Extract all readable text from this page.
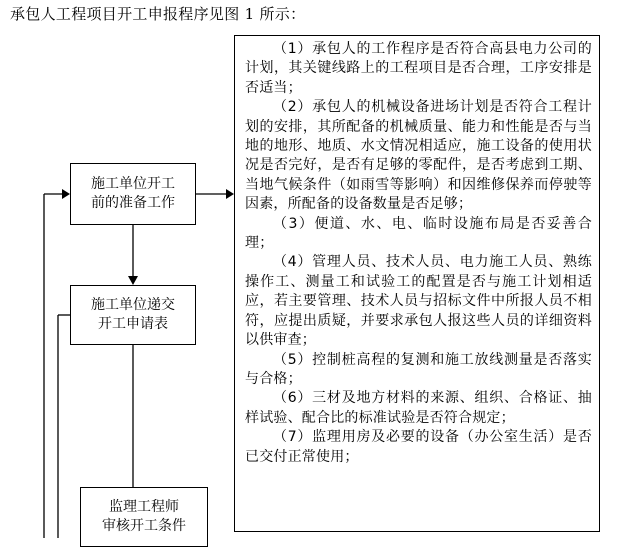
承包人工程项目开工申报程序见图 1 所示：
施工单位开工
前的准备工作
施工单位递交
开工申请表
监理工程师
审核开工条件

（1）承包人的工作程序是否符合高县电力公司的计划，其关键线路上的工程项目是否合理，工序安排是否适当；

（2）承包人的机械设备进场计划是否符合工程计划的安排，其所配备的机械质量、能力和性能是否与当地的地形、地质、水文情况相适应，施工设备的使用状况是否完好，是否有足够的零配件，是否考虑到工期、当地气候条件（如雨雪等影响）和因维修保养而停驶等因素，所配备的设备数量是否足够；

（3）便道、水、电、临时设施布局是否妥善合理；

（4）管理人员、技术人员、电力施工人员、熟练操作工、测量工和试验工的配置是否与施工计划相适应，若主要管理、技术人员与招标文件中所报人员不相符，应提出质疑，并要求承包人报这些人员的详细资料以供审查；

（5）控制桩高程的复测和施工放线测量是否落实与合格；

（6）三材及地方材料的来源、组织、合格证、抽样试验、配合比的标准试验是否符合规定；

（7）监理用房及必要的设备（办公室生活）是否已交付正常使用；
